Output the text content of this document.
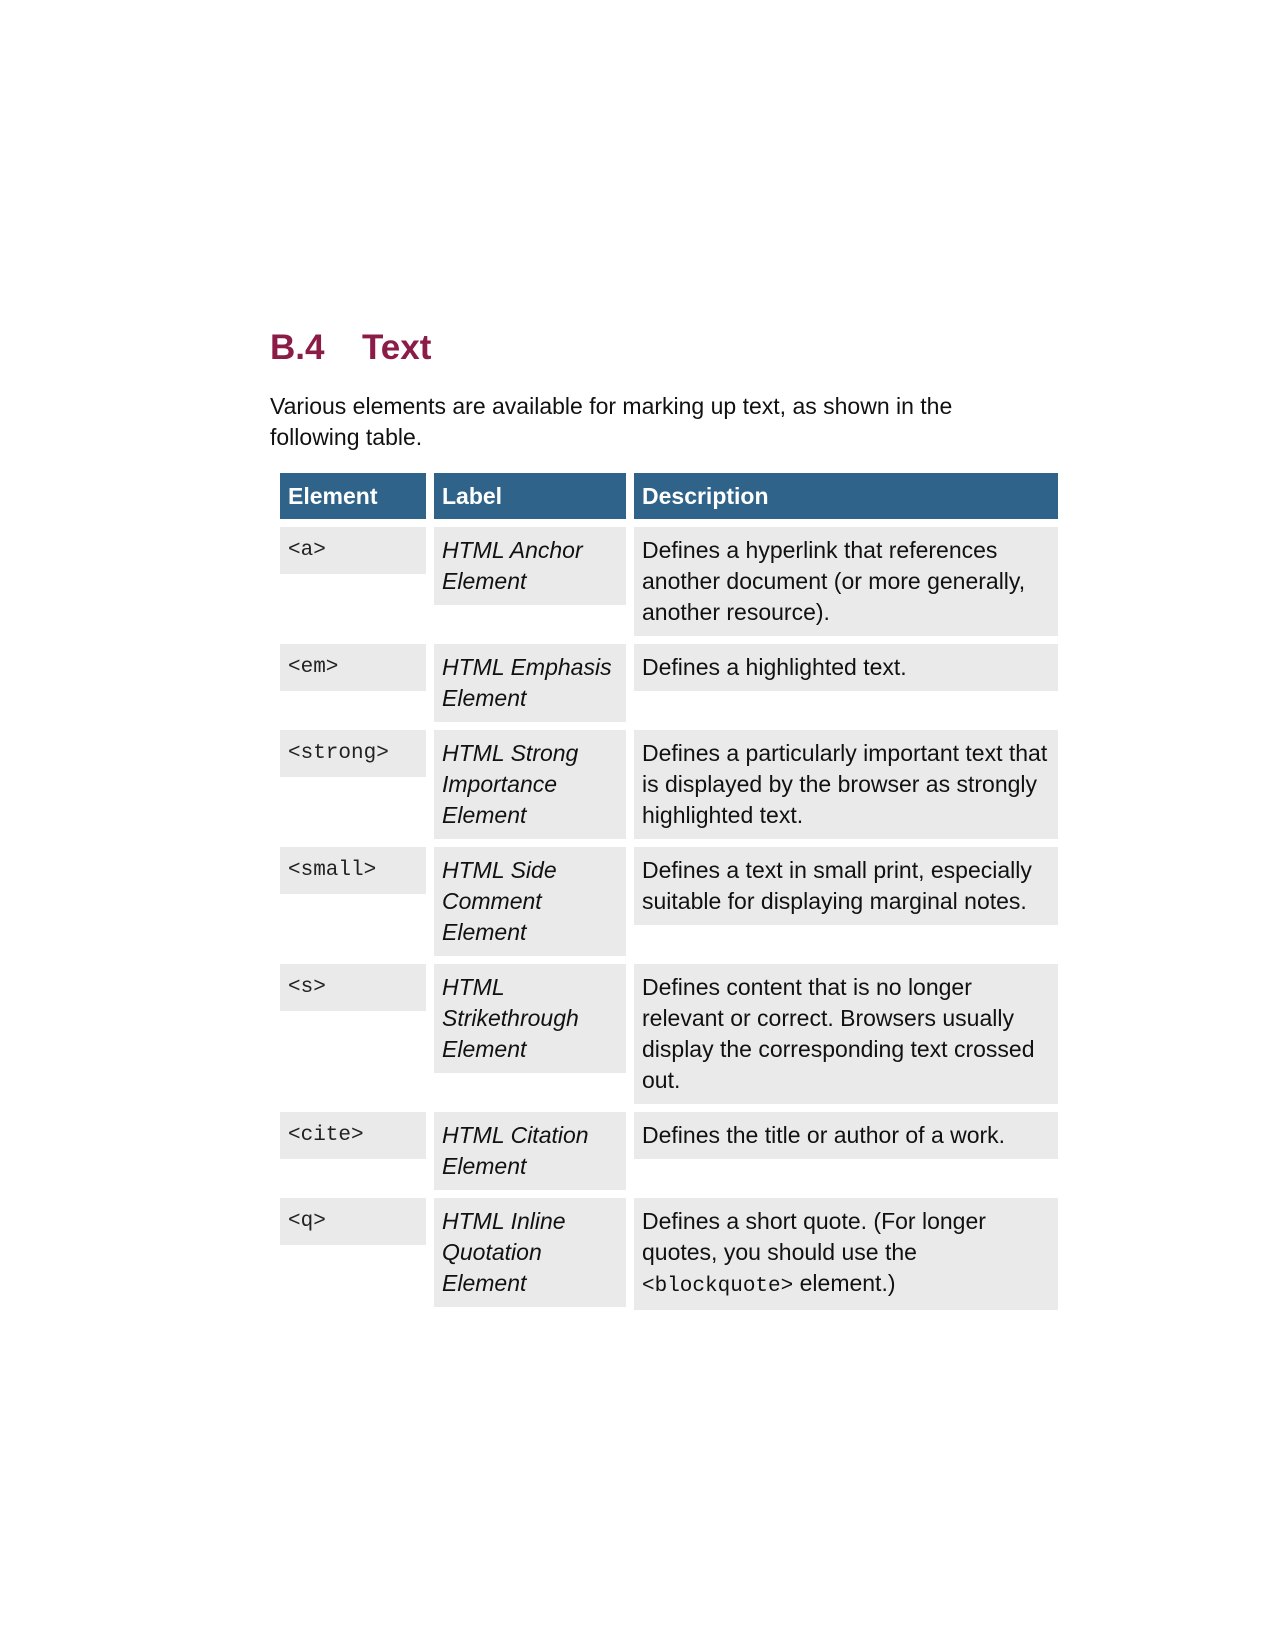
B.4 Text

Various elements are available for marking up text, as shown in the following table.

Element	Label	Description

<a>	HTML Anchor Element	Defines a hyperlink that references another document (or more generally, another resource).

<em>	HTML Emphasis Element	Defines a highlighted text.

<strong>	HTML Strong Importance Element	Defines a particularly important text that is displayed by the browser as strongly highlighted text.

<small>	HTML Side Comment Element	Defines a text in small print, especially suitable for displaying marginal notes.

<s>	HTML Strikethrough Element	Defines content that is no longer relevant or correct. Browsers usually display the corresponding text crossed out.

<cite>	HTML Citation Element	Defines the title or author of a work.

<q>	HTML Inline Quotation Element	Defines a short quote. (For longer quotes, you should use the <blockquote> element.)
